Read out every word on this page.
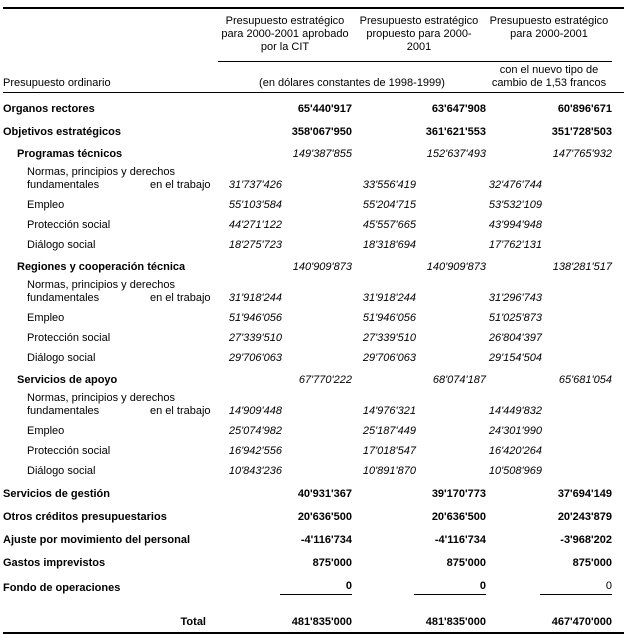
Presupuesto estratégico
para 2000-2001 aprobado
por la CIT
Presupuesto estratégico
propuesto para 2000-
2001
Presupuesto estratégico
para 2000-2001
Presupuesto ordinario	(en dólares constantes de 1998-1999)
con el nuevo tipo de
cambio de 1,53 francos
Organos rectores	65'440'917	63'647'908	60'896'671
Objetivos estratégicos	358'067'950	361'621'553	351'728'503
Programas técnicos	149'387'855	152'637'493	147'765'932
Normas, principios y derechos
fundamentales	en el trabajo	31'737'426	33'556'419	32'476'744
Empleo	55'103'584	55'204'715	53'532'109
Protección social	44'271'122	45'557'665	43'994'948
Diálogo social	18'275'723	18'318'694	17'762'131
Regiones y cooperación técnica	140'909'873	140'909'873	138'281'517
Normas, principios y derechos
fundamentales	en el trabajo	31'918'244	31'918'244	31'296'743
Empleo	51'946'056	51'946'056	51'025'873
Protección social	27'339'510	27'339'510	26'804'397
Diálogo social	29'706'063	29'706'063	29'154'504
Servicios de apoyo	67'770'222	68'074'187	65'681'054
Normas, principios y derechos
fundamentales	en el trabajo	14'909'448	14'976'321	14'449'832
Empleo	25'074'982	25'187'449	24'301'990
Protección social	16'942'556	17'018'547	16'420'264
Diálogo social	10'843'236	10'891'870	10'508'969
Servicios de gestión	40'931'367	39'170'773	37'694'149
Otros créditos presupuestarios	20'636'500	20'636'500	20'243'879
Ajuste por movimiento del personal	-4'116'734	-4'116'734	-3'968'202
Gastos imprevistos	875'000	875'000	875'000
Fondo de operaciones	0	0	0
Total	481'835'000	481'835'000	467'470'000
